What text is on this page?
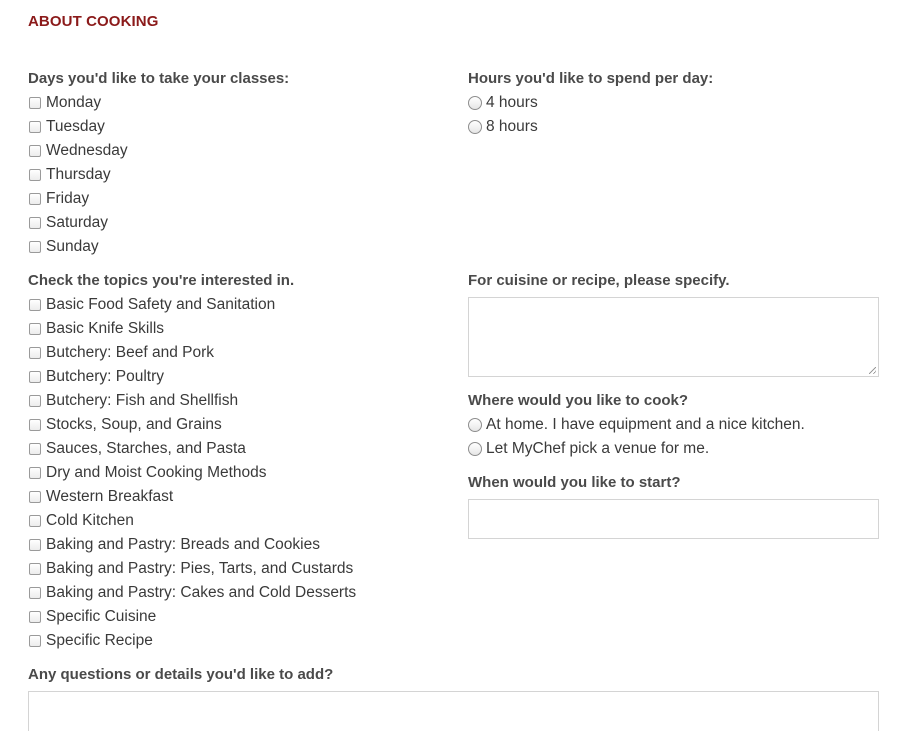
ABOUT COOKING
Days you'd like to take your classes:
Monday
Tuesday
Wednesday
Thursday
Friday
Saturday
Sunday
Hours you'd like to spend per day:
4 hours
8 hours
Check the topics you're interested in.
Basic Food Safety and Sanitation
Basic Knife Skills
Butchery: Beef and Pork
Butchery: Poultry
Butchery: Fish and Shellfish
Stocks, Soup, and Grains
Sauces, Starches, and Pasta
Dry and Moist Cooking Methods
Western Breakfast
Cold Kitchen
Baking and Pastry: Breads and Cookies
Baking and Pastry: Pies, Tarts, and Custards
Baking and Pastry: Cakes and Cold Desserts
Specific Cuisine
Specific Recipe
For cuisine or recipe, please specify.
Where would you like to cook?
At home. I have equipment and a nice kitchen.
Let MyChef pick a venue for me.
When would you like to start?
Any questions or details you'd like to add?
